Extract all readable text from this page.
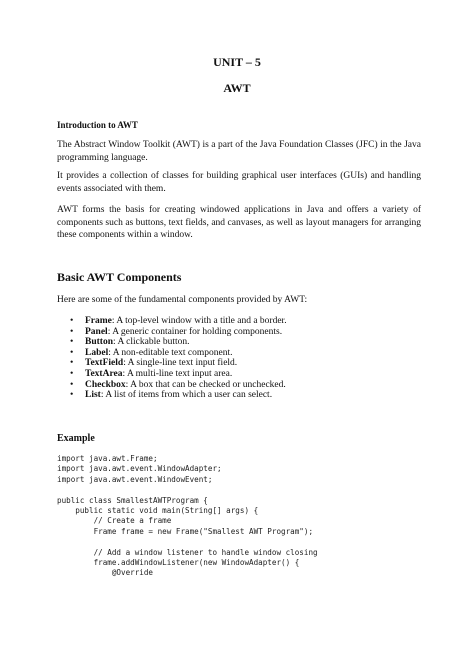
UNIT – 5
AWT
Introduction to AWT

The Abstract Window Toolkit (AWT) is a part of the Java Foundation Classes (JFC) in the Java programming language.

It provides a collection of classes for building graphical user interfaces (GUIs) and handling events associated with them.

AWT forms the basis for creating windowed applications in Java and offers a variety of components such as buttons, text fields, and canvases, as well as layout managers for arranging these components within a window.

Basic AWT Components
Here are some of the fundamental components provided by AWT:
• Frame: A top-level window with a title and a border.
• Panel: A generic container for holding components.
• Button: A clickable button.
• Label: A non-editable text component.
• TextField: A single-line text input field.
• TextArea: A multi-line text input area.
• Checkbox: A box that can be checked or unchecked.
• List: A list of items from which a user can select.
Example
import java.awt.Frame;
import java.awt.event.WindowAdapter;
import java.awt.event.WindowEvent;
public class SmallestAWTProgram {
public static void main(String[] args) {
// Create a frame
Frame frame = new Frame("Smallest AWT Program");
// Add a window listener to handle window closing
frame.addWindowListener(new WindowAdapter() {
@Override
